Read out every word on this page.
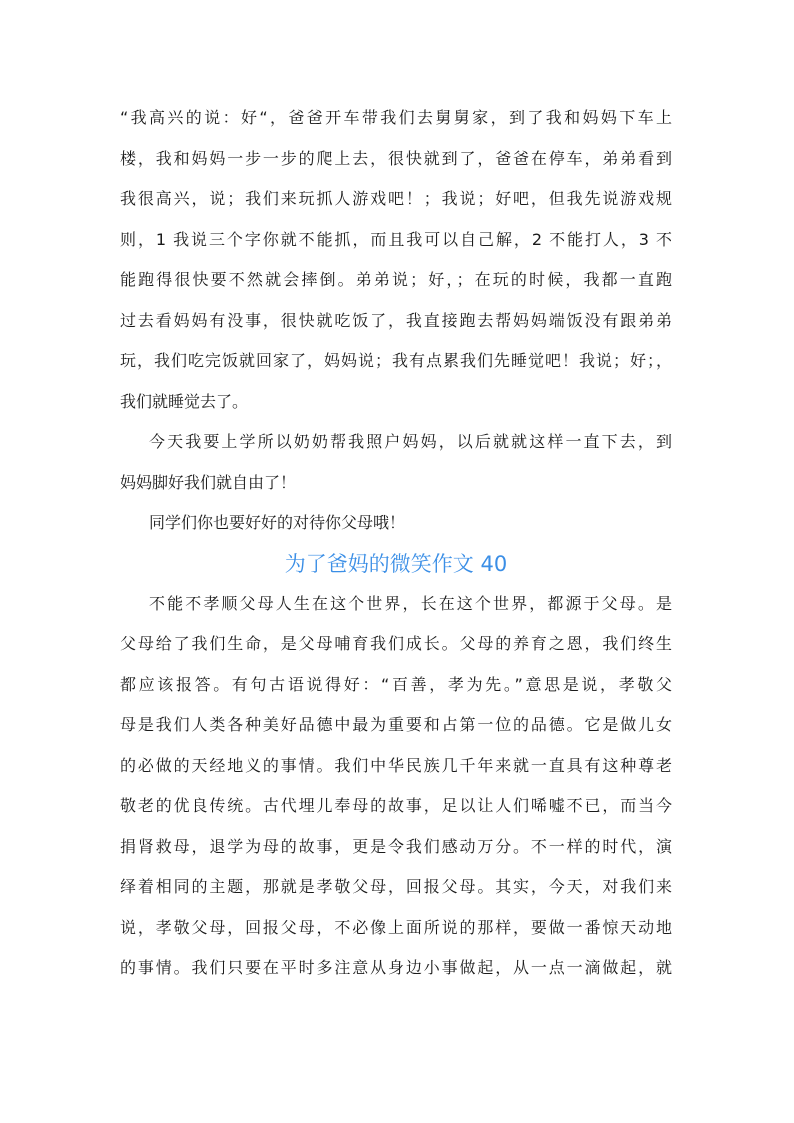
“我高兴的说：好“，爸爸开车带我们去舅舅家，到了我和妈妈下车上
楼，我和妈妈一步一步的爬上去，很快就到了，爸爸在停车，弟弟看到
我很高兴，说；我们来玩抓人游戏吧！；我说；好吧，但我先说游戏规
则，1 我说三个字你就不能抓，而且我可以自己解，2 不能打人，3 不
能跑得很快要不然就会摔倒。弟弟说；好，；在玩的时候，我都一直跑
过去看妈妈有没事，很快就吃饭了，我直接跑去帮妈妈端饭没有跟弟弟
玩，我们吃完饭就回家了，妈妈说；我有点累我们先睡觉吧！我说；好；，
我们就睡觉去了。
今天我要上学所以奶奶帮我照户妈妈，以后就就这样一直下去，到
妈妈脚好我们就自由了！
同学们你也要好好的对待你父母哦！
为了爸妈的微笑作文 40
不能不孝顺父母人生在这个世界，长在这个世界，都源于父母。是
父母给了我们生命，是父母哺育我们成长。父母的养育之恩，我们终生
都应该报答。有句古语说得好：“百善，孝为先。”意思是说，孝敬父
母是我们人类各种美好品德中最为重要和占第一位的品德。它是做儿女
的必做的天经地义的事情。我们中华民族几千年来就一直具有这种尊老
敬老的优良传统。古代埋儿奉母的故事，足以让人们唏嘘不已，而当今
捐肾救母，退学为母的故事，更是令我们感动万分。不一样的时代，演
绎着相同的主题，那就是孝敬父母，回报父母。其实，今天，对我们来
说，孝敬父母，回报父母，不必像上面所说的那样，要做一番惊天动地
的事情。我们只要在平时多注意从身边小事做起，从一点一滴做起，就
